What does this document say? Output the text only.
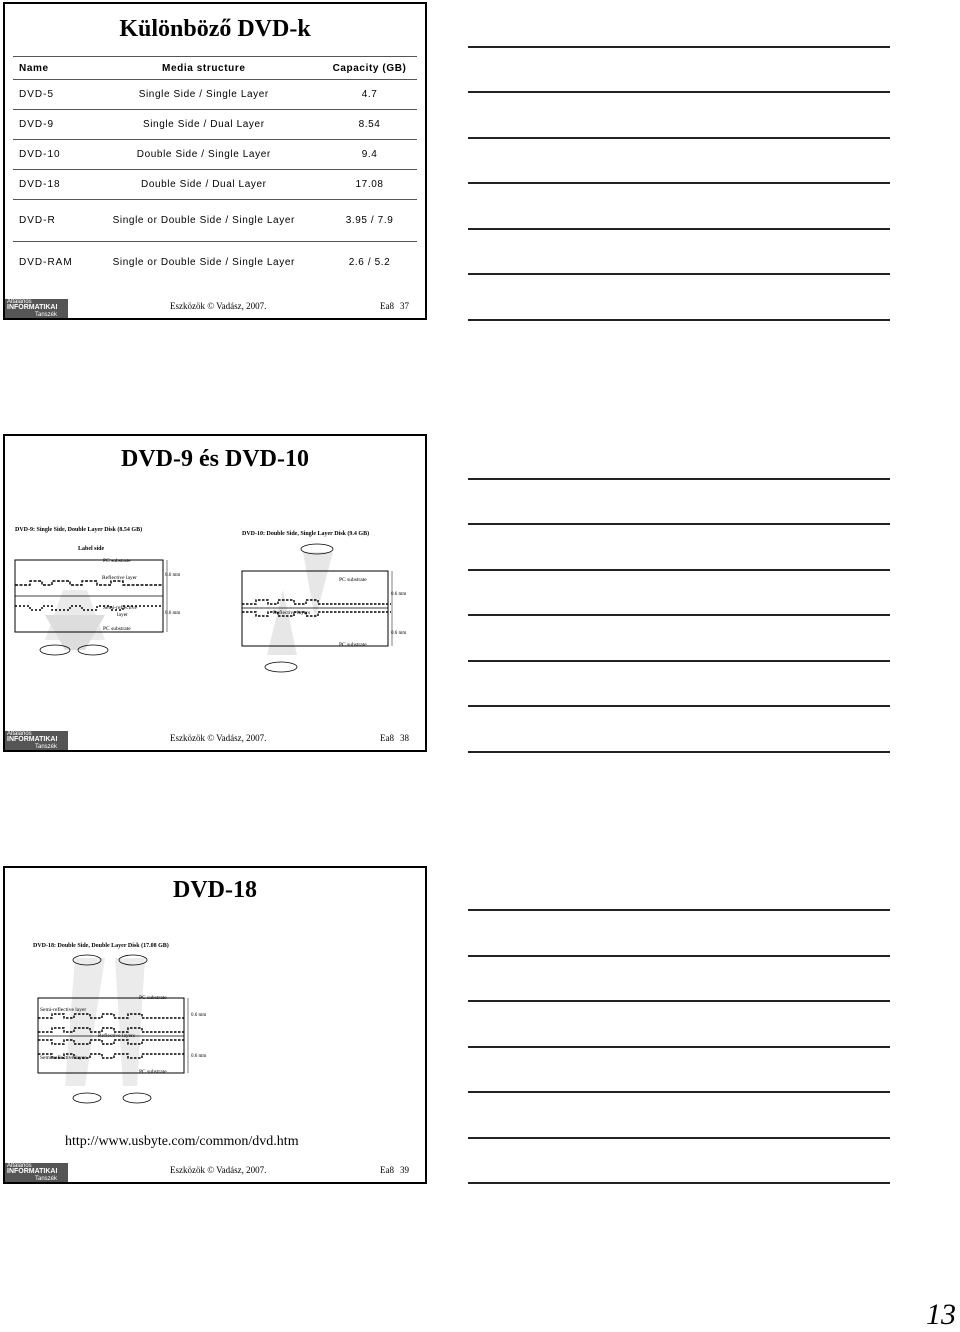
Különböző DVD-k
Name	Media structure	Capacity (GB)
DVD-5	Single Side / Single Layer	4.7
DVD-9	Single Side / Dual Layer	8.54
DVD-10	Double Side / Single Layer	9.4
DVD-18	Double Side / Dual Layer	17.08
DVD-R	Single or Double Side / Single Layer	3.95 / 7.9
DVD-RAM	Single or Double Side / Single Layer	2.6 / 5.2
Általános
INFORMATIKAI
Tanszék
Eszközök © Vadász, 2007.	Ea8 37
DVD-9 és DVD-10
DVD-9: Single Side, Double Layer Disk (8.54 GB)
Label side
PC substrate
Reflective layer	0.6 mm
Semi-reflective
layer	0.6 mm
PC substrate
DVD-10: Double Side, Single Layer Disk (9.4 GB)
PC substrate
0.6 mm
Reflective layers
0.6 mm
PC substrate
Általános
INFORMATIKAI
Tanszék
Eszközök © Vadász, 2007.	Ea8 38
DVD-18
DVD-18: Double Side, Double Layer Disk (17.08 GB)
PC substrate
Semi-reflective layer
0.6 mm
Reflective layers
Semi-reflective layer	0.6 mm
PC substrate
http://www.usbyte.com/common/dvd.htm
Általános
INFORMATIKAI
Tanszék
Eszközök © Vadász, 2007.	Ea8 39
13
